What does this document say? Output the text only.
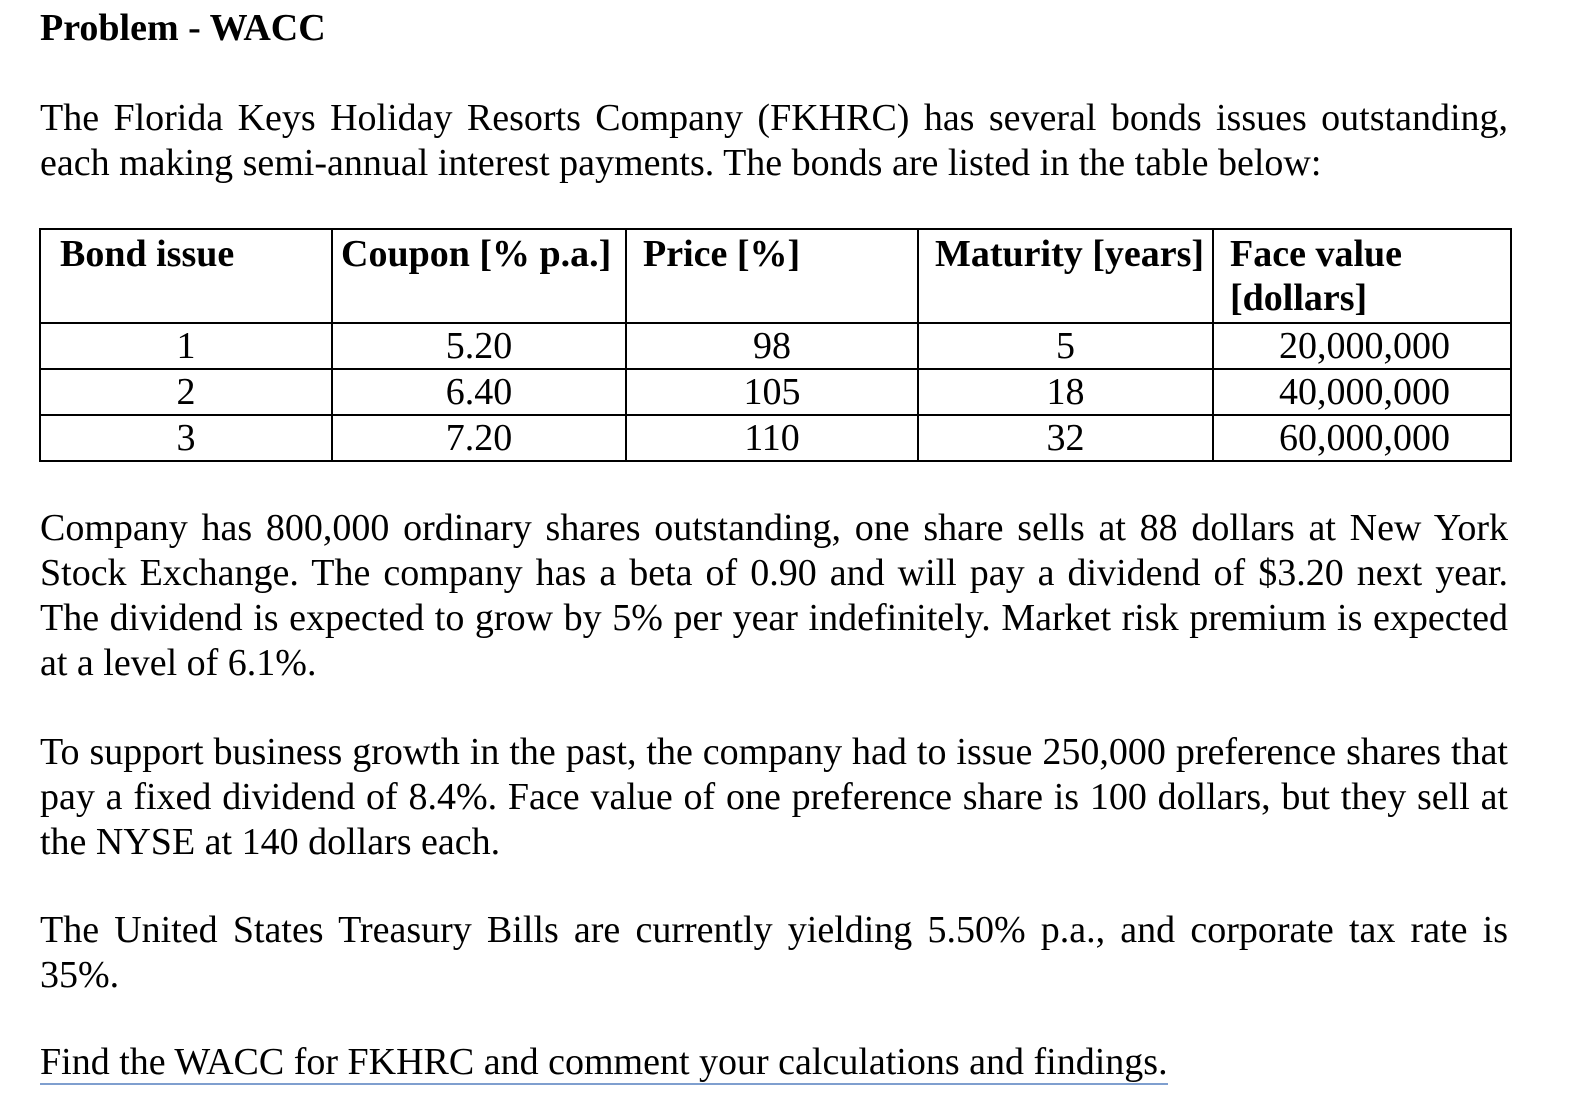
Problem - WACC
The Florida Keys Holiday Resorts Company (FKHRC) has several bonds issues outstanding, each making semi-annual interest payments. The bonds are listed in the table below:
Bond issue	Coupon [% p.a.]	Price [%]	Maturity [years]	Face value [dollars]
1	5.20	98	5	20,000,000
2	6.40	105	18	40,000,000
3	7.20	110	32	60,000,000
Company has 800,000 ordinary shares outstanding, one share sells at 88 dollars at New York Stock Exchange. The company has a beta of 0.90 and will pay a dividend of $3.20 next year. The dividend is expected to grow by 5% per year indefinitely. Market risk premium is expected at a level of 6.1%.
To support business growth in the past, the company had to issue 250,000 preference shares that pay a fixed dividend of 8.4%. Face value of one preference share is 100 dollars, but they sell at the NYSE at 140 dollars each.
The United States Treasury Bills are currently yielding 5.50% p.a., and corporate tax rate is 35%.
Find the WACC for FKHRC and comment your calculations and findings.
